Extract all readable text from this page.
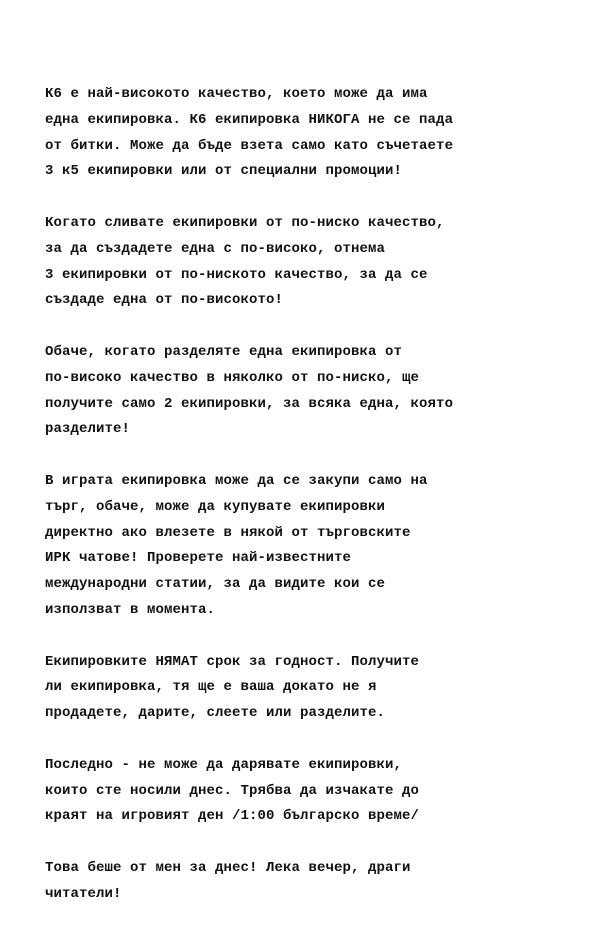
К6 е най-високото качество, което може да има
една екипировка. К6 екипировка НИКОГА не се пада
от битки. Може да бъде взета само като съчетаете
3 к5 екипировки или от специални промоции!
Когато сливате екипировки от по-ниско качество,
за да създадете една с по-високо, отнема
3 екипировки от по-ниското качество, за да се
създаде една от по-високото!
Обаче, когато разделяте една екипировка от
по-високо качество в няколко от по-ниско, ще
получите само 2 екипировки, за всяка една, която
разделите!
В играта екипировка може да се закупи само на
търг, обаче, може да купувате екипировки
директно ако влезете в някой от търговските
ИРК чатове! Проверете най-известните
международни статии, за да видите кои се
използват в момента.
Екипировките НЯМАТ срок за годност. Получите
ли екипировка, тя ще е ваша докато не я
продадете, дарите, слеете или разделите.
Последно - не може да дарявате екипировки,
които сте носили днес. Трябва да изчакате до
краят на игровият ден /1:00 българско време/
Това беше от мен за днес! Лека вечер, драги
читатели!
